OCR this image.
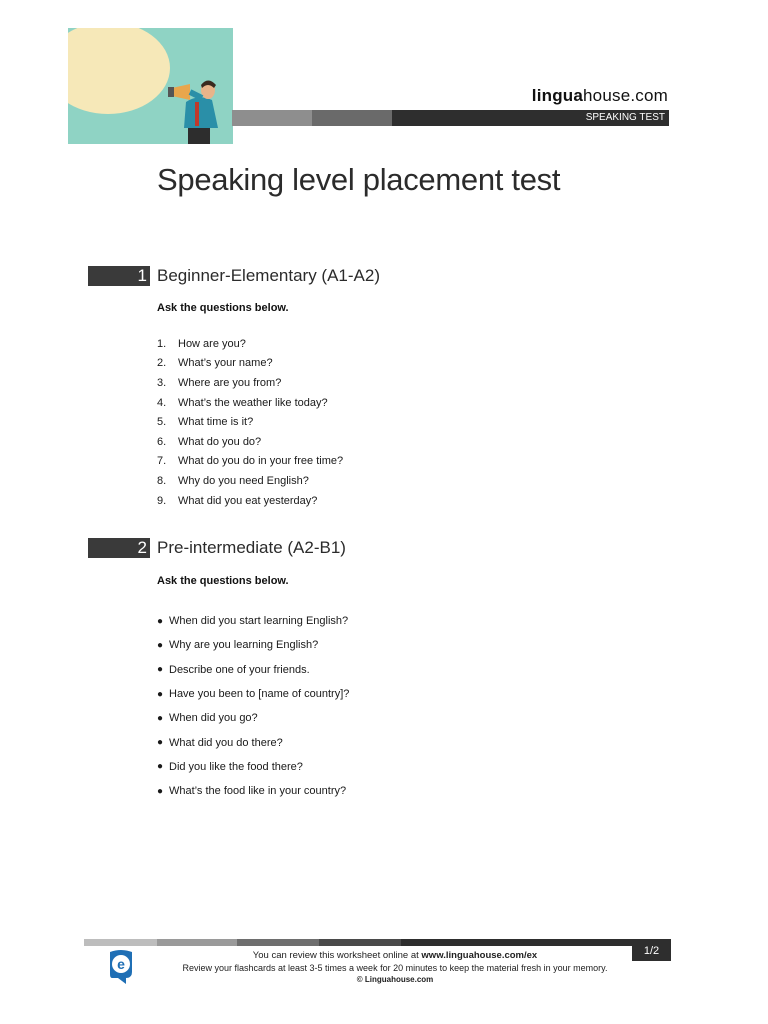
linguahouse.com
SPEAKING TEST
Speaking level placement test
1 Beginner-Elementary (A1-A2)
Ask the questions below.
1.	How are you?
2.	What’s your name?
3.	Where are you from?
4.	What’s the weather like today?
5.	What time is it?
6.	What do you do?
7.	What do you do in your free time?
8.	Why do you need English?
9.	What did you eat yesterday?
2 Pre-intermediate (A2-B1)
Ask the questions below.
● When did you start learning English?
● Why are you learning English?
● Describe one of your friends.
● Have you been to [name of country]?
● When did you go?
● What did you do there?
● Did you like the food there?
● What’s the food like in your country?
1/2
e
You can review this worksheet online at www.linguahouse.com/ex
Review your flashcards at least 3-5 times a week for 20 minutes to keep the material fresh in your memory.
© Linguahouse.com
